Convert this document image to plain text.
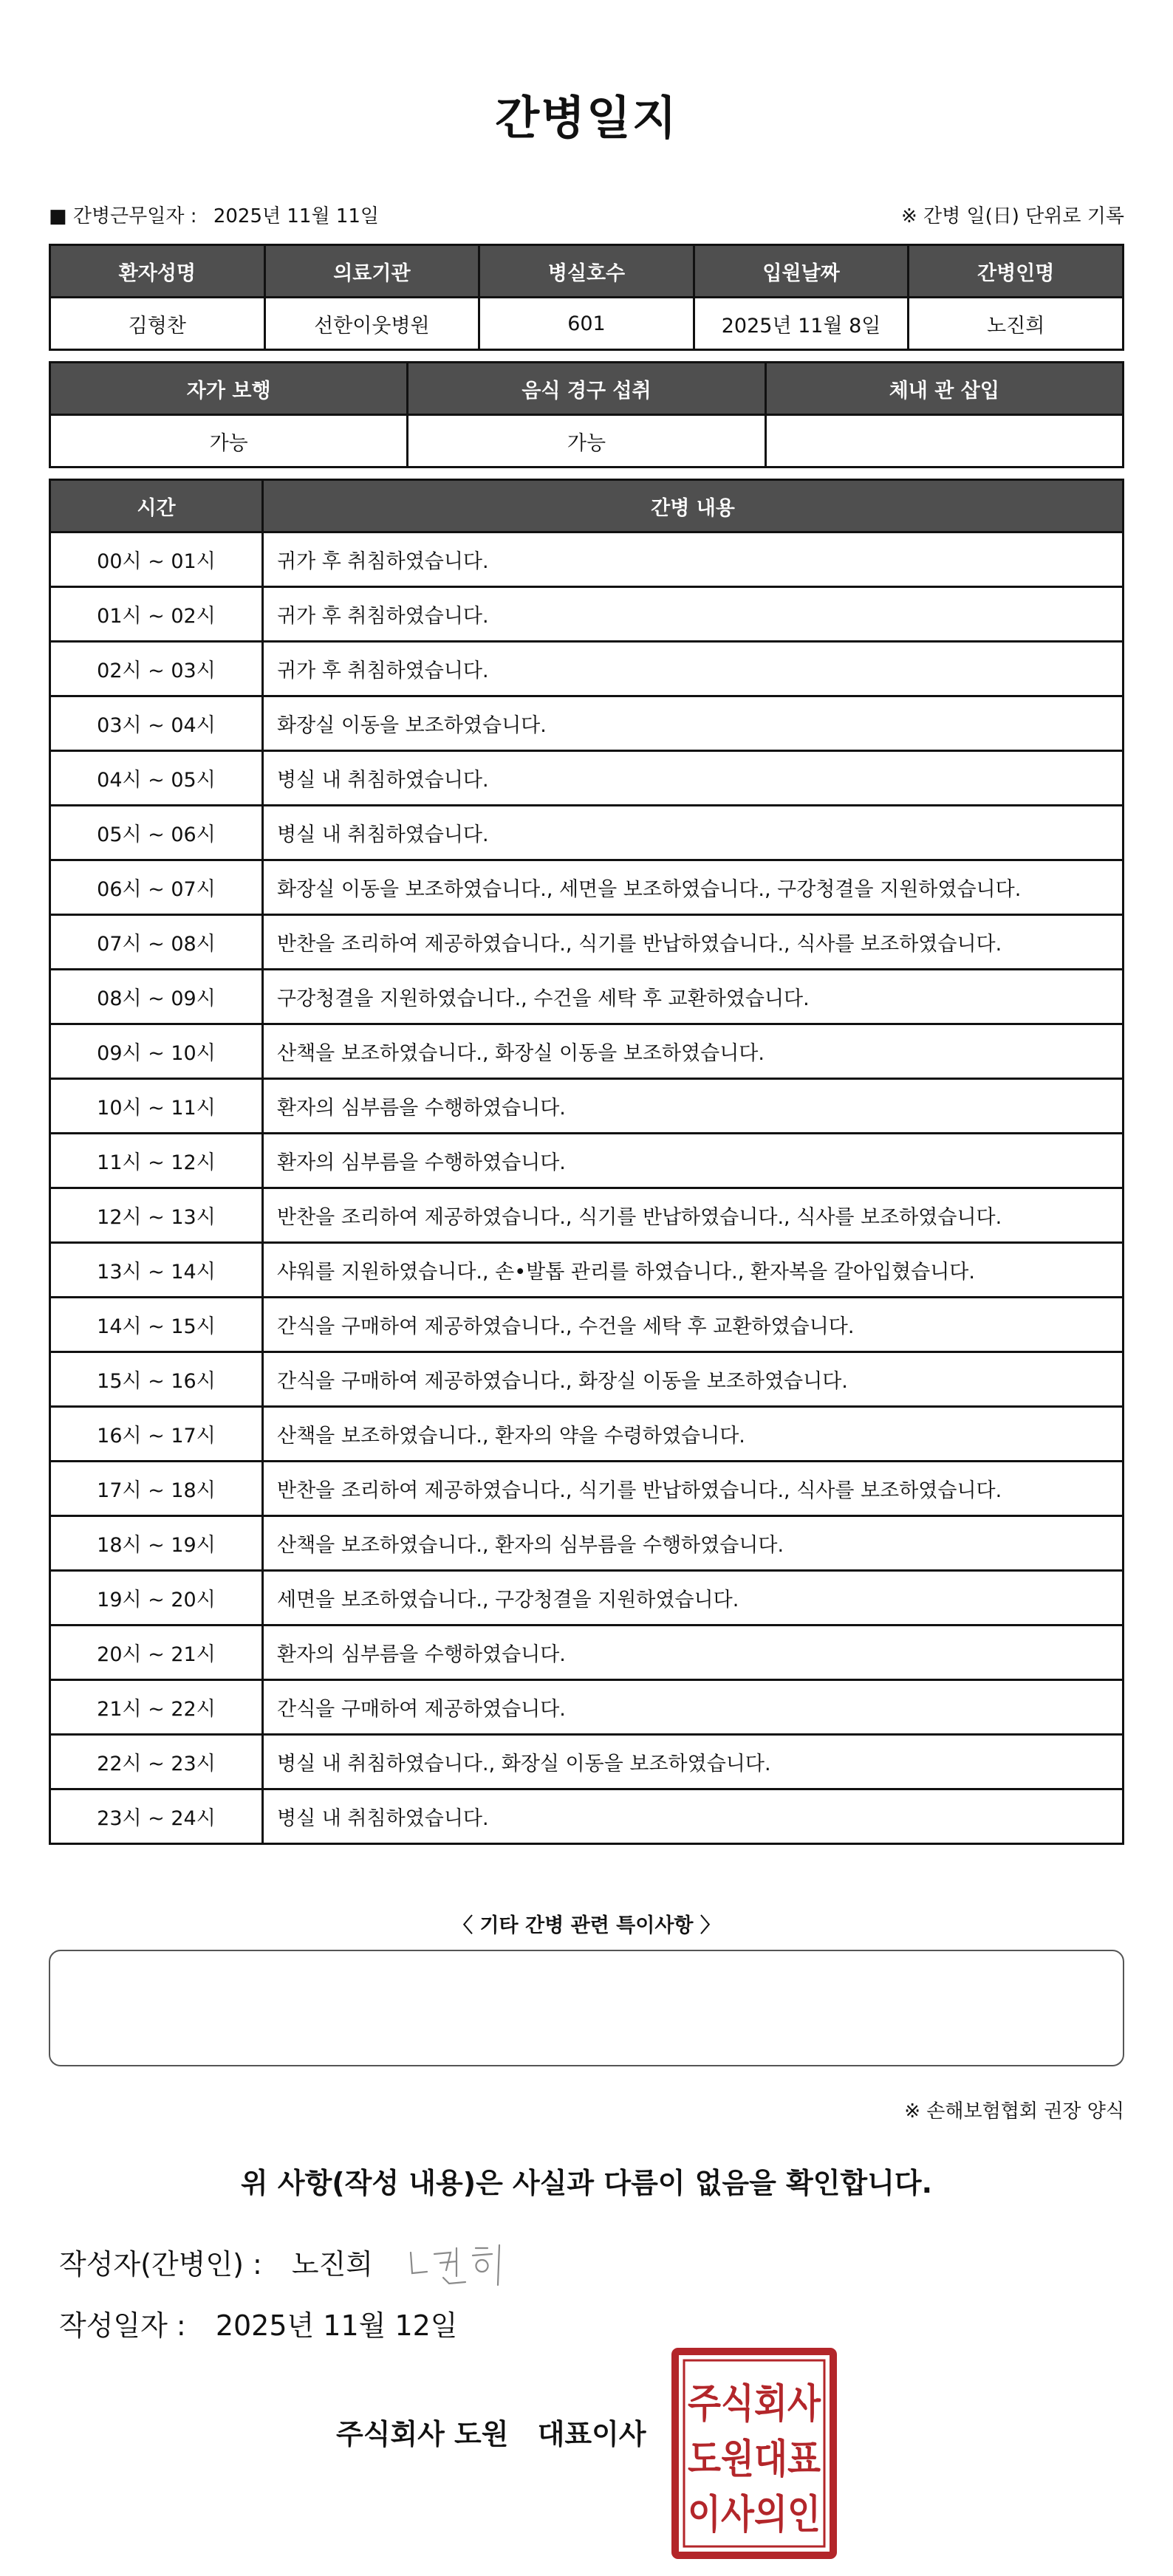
간병일지
■ 간병근무일자 : 2025년 11월 11일	※ 간병 일(日) 단위로 기록
환자성명	의료기관	병실호수	입원날짜	간병인명
김형찬	선한이웃병원	601	2025년 11월 8일	노진희
자가 보행	음식 경구 섭취	체내 관 삽입
가능	가능	
시간	간병 내용
00시 ~ 01시	귀가 후 취침하였습니다.
01시 ~ 02시	귀가 후 취침하였습니다.
02시 ~ 03시	귀가 후 취침하였습니다.
03시 ~ 04시	화장실 이동을 보조하였습니다.
04시 ~ 05시	병실 내 취침하였습니다.
05시 ~ 06시	병실 내 취침하였습니다.
06시 ~ 07시	화장실 이동을 보조하였습니다., 세면을 보조하였습니다., 구강청결을 지원하였습니다.
07시 ~ 08시	반찬을 조리하여 제공하였습니다., 식기를 반납하였습니다., 식사를 보조하였습니다.
08시 ~ 09시	구강청결을 지원하였습니다., 수건을 세탁 후 교환하였습니다.
09시 ~ 10시	산책을 보조하였습니다., 화장실 이동을 보조하였습니다.
10시 ~ 11시	환자의 심부름을 수행하였습니다.
11시 ~ 12시	환자의 심부름을 수행하였습니다.
12시 ~ 13시	반찬을 조리하여 제공하였습니다., 식기를 반납하였습니다., 식사를 보조하였습니다.
13시 ~ 14시	샤워를 지원하였습니다., 손•발톱 관리를 하였습니다., 환자복을 갈아입혔습니다.
14시 ~ 15시	간식을 구매하여 제공하였습니다., 수건을 세탁 후 교환하였습니다.
15시 ~ 16시	간식을 구매하여 제공하였습니다., 화장실 이동을 보조하였습니다.
16시 ~ 17시	산책을 보조하였습니다., 환자의 약을 수령하였습니다.
17시 ~ 18시	반찬을 조리하여 제공하였습니다., 식기를 반납하였습니다., 식사를 보조하였습니다.
18시 ~ 19시	산책을 보조하였습니다., 환자의 심부름을 수행하였습니다.
19시 ~ 20시	세면을 보조하였습니다., 구강청결을 지원하였습니다.
20시 ~ 21시	환자의 심부름을 수행하였습니다.
21시 ~ 22시	간식을 구매하여 제공하였습니다.
22시 ~ 23시	병실 내 취침하였습니다., 화장실 이동을 보조하였습니다.
23시 ~ 24시	병실 내 취침하였습니다.
〈 기타 간병 관련 특이사항 〉
※ 손해보험협회 권장 양식
위 사항(작성 내용)은 사실과 다름이 없음을 확인합니다.
작성자(간병인) : 노진희
작성일자 : 2025년 11월 12일
주식회사 도원 대표이사
주식회사
도원대표
이사의인
